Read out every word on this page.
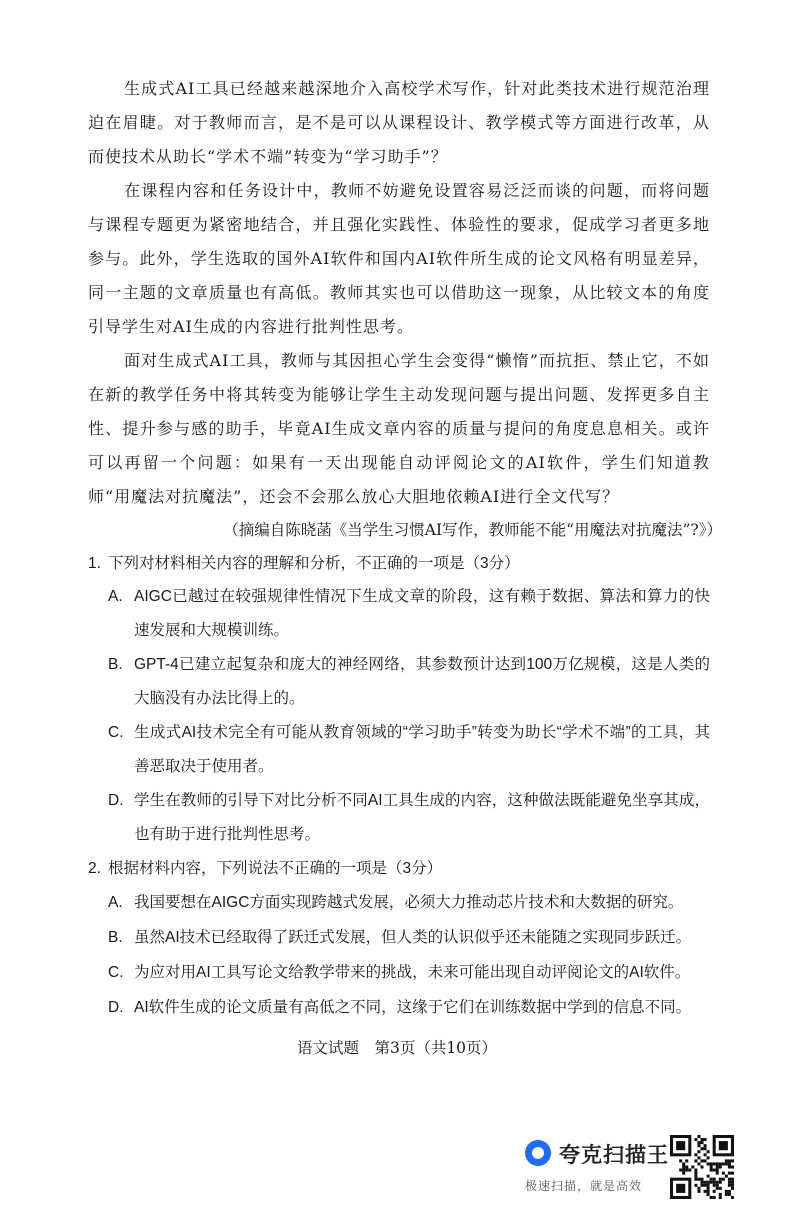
生成式AI工具已经越来越深地介入高校学术写作，针对此类技术进行规范治理迫在眉睫。对于教师而言，是不是可以从课程设计、教学模式等方面进行改革，从而使技术从助长“学术不端”转变为“学习助手”？
在课程内容和任务设计中，教师不妨避免设置容易泛泛而谈的问题，而将问题与课程专题更为紧密地结合，并且强化实践性、体验性的要求，促成学习者更多地参与。此外，学生选取的国外AI软件和国内AI软件所生成的论文风格有明显差异，同一主题的文章质量也有高低。教师其实也可以借助这一现象，从比较文本的角度引导学生对AI生成的内容进行批判性思考。
面对生成式AI工具，教师与其因担心学生会变得“懒惰”而抗拒、禁止它，不如在新的教学任务中将其转变为能够让学生主动发现问题与提出问题、发挥更多自主性、提升参与感的助手，毕竟AI生成文章内容的质量与提问的角度息息相关。或许可以再留一个问题：如果有一天出现能自动评阅论文的AI软件，学生们知道教师“用魔法对抗魔法”，还会不会那么放心大胆地依赖AI进行全文代写？
（摘编自陈晓菡《当学生习惯AI写作，教师能不能“用魔法对抗魔法”?》）
1. 下列对材料相关内容的理解和分析，不正确的一项是（3分）
A. AIGC已越过在较强规律性情况下生成文章的阶段，这有赖于数据、算法和算力的快速发展和大规模训练。
B. GPT-4已建立起复杂和庞大的神经网络，其参数预计达到100万亿规模，这是人类的大脑没有办法比得上的。
C. 生成式AI技术完全有可能从教育领域的“学习助手”转变为助长“学术不端”的工具，其善恶取决于使用者。
D. 学生在教师的引导下对比分析不同AI工具生成的内容，这种做法既能避免坐享其成，也有助于进行批判性思考。
2. 根据材料内容，下列说法不正确的一项是（3分）
A. 我国要想在AIGC方面实现跨越式发展，必须大力推动芯片技术和大数据的研究。
B. 虽然AI技术已经取得了跃迁式发展，但人类的认识似乎还未能随之实现同步跃迁。
C. 为应对用AI工具写论文给教学带来的挑战，未来可能出现自动评阅论文的AI软件。
D. AI软件生成的论文质量有高低之不同，这缘于它们在训练数据中学到的信息不同。
语文试题　第3页（共10页）
夸克扫描王
极速扫描，就是高效
